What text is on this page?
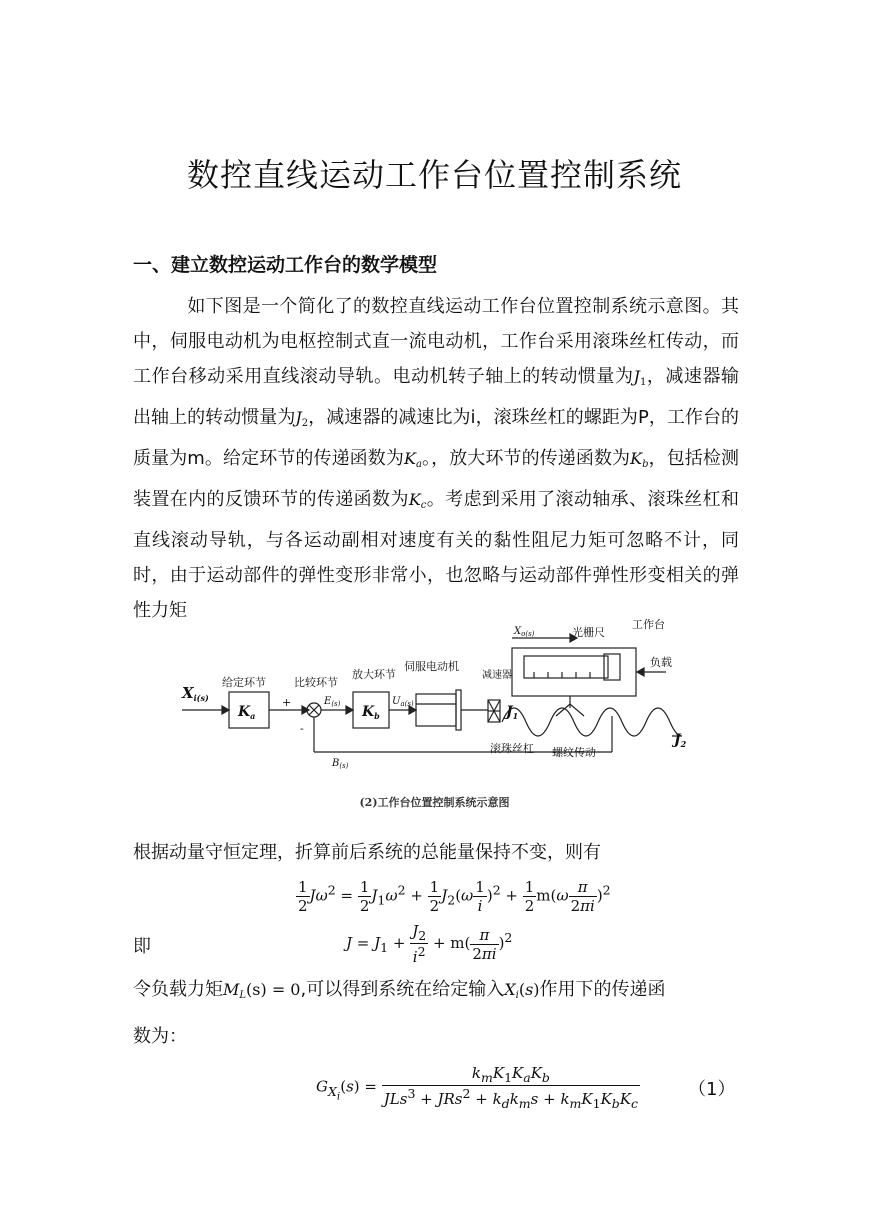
数控直线运动工作台位置控制系统
一、建立数控运动工作台的数学模型
如下图是一个简化了的数控直线运动工作台位置控制系统示意图。其中，伺服电动机为电枢控制式直一流电动机，工作台采用滚珠丝杠传动，而工作台移动采用直线滚动导轨。电动机转子轴上的转动惯量为$J_1$，减速器输出轴上的转动惯量为$J_2$，减速器的减速比为i，滚珠丝杠的螺距为P，工作台的质量为m。给定环节的传递函数为$K_a$。，放大环节的传递函数为$K_b$，包括检测装置在内的反馈环节的传递函数为$K_c$。考虑到采用了滚动轴承、滚珠丝杠和直线滚动导轨，与各运动副相对速度有关的黏性阻尼力矩可忽略不计，同时，由于运动部件的弹性变形非常小，也忽略与运动部件弹性形变相关的弹性力矩
$X_{i(s)}$
给定环节
$K_a$
比较环节
+
-
$E_{(s)}$
放大环节
$K_b$
$U_{a(s)}$
伺服电动机
减速器
$J_1$
$B_{(s)}$
滚珠丝杠 螺纹传动
$J_2$
$X_{o(s)}$	光栅尺
工作台
负载
(2)工作台位置控制系统示意图
根据动量守恒定理，折算前后系统的总能量保持不变，则有
$\frac{1}{2} J\omega^2 = \frac{1}{2} J_1\omega^2 + \frac{1}{2} J_2(\omega \frac{1}{i} )^2 + \frac{1}{2} m(\omega \frac{\pi}{2\pi i} )^2$
即	$J = J_1 + \frac{J_2}{i^2} + m( \frac{\pi}{2\pi i} )^2$
令负载力矩$M_L(s) = 0$,可以得到系统在给定输入$X_i(s)$作用下的传递函
数为：
$G_{X_i}(s) = \frac{k_mK_1K_aK_b}{JLs^3 + JRs^2 + k_dk_ms + k_mK_1K_bK_c}$	（1）
